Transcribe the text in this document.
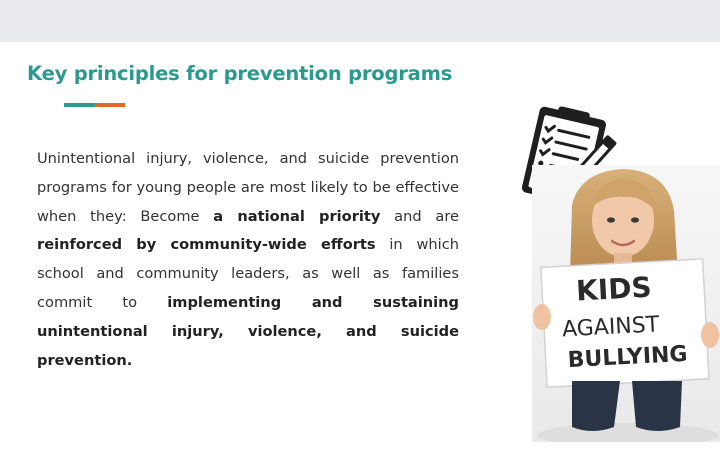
Key principles for prevention programs
Unintentional injury, violence, and suicide prevention programs for young people are most likely to be effective when they: Become a national priority and are reinforced by community-wide efforts in which school and community leaders, as well as families commit to implementing and sustaining unintentional injury, violence, and suicide prevention.
KIDS
AGAINST
BULLYING
